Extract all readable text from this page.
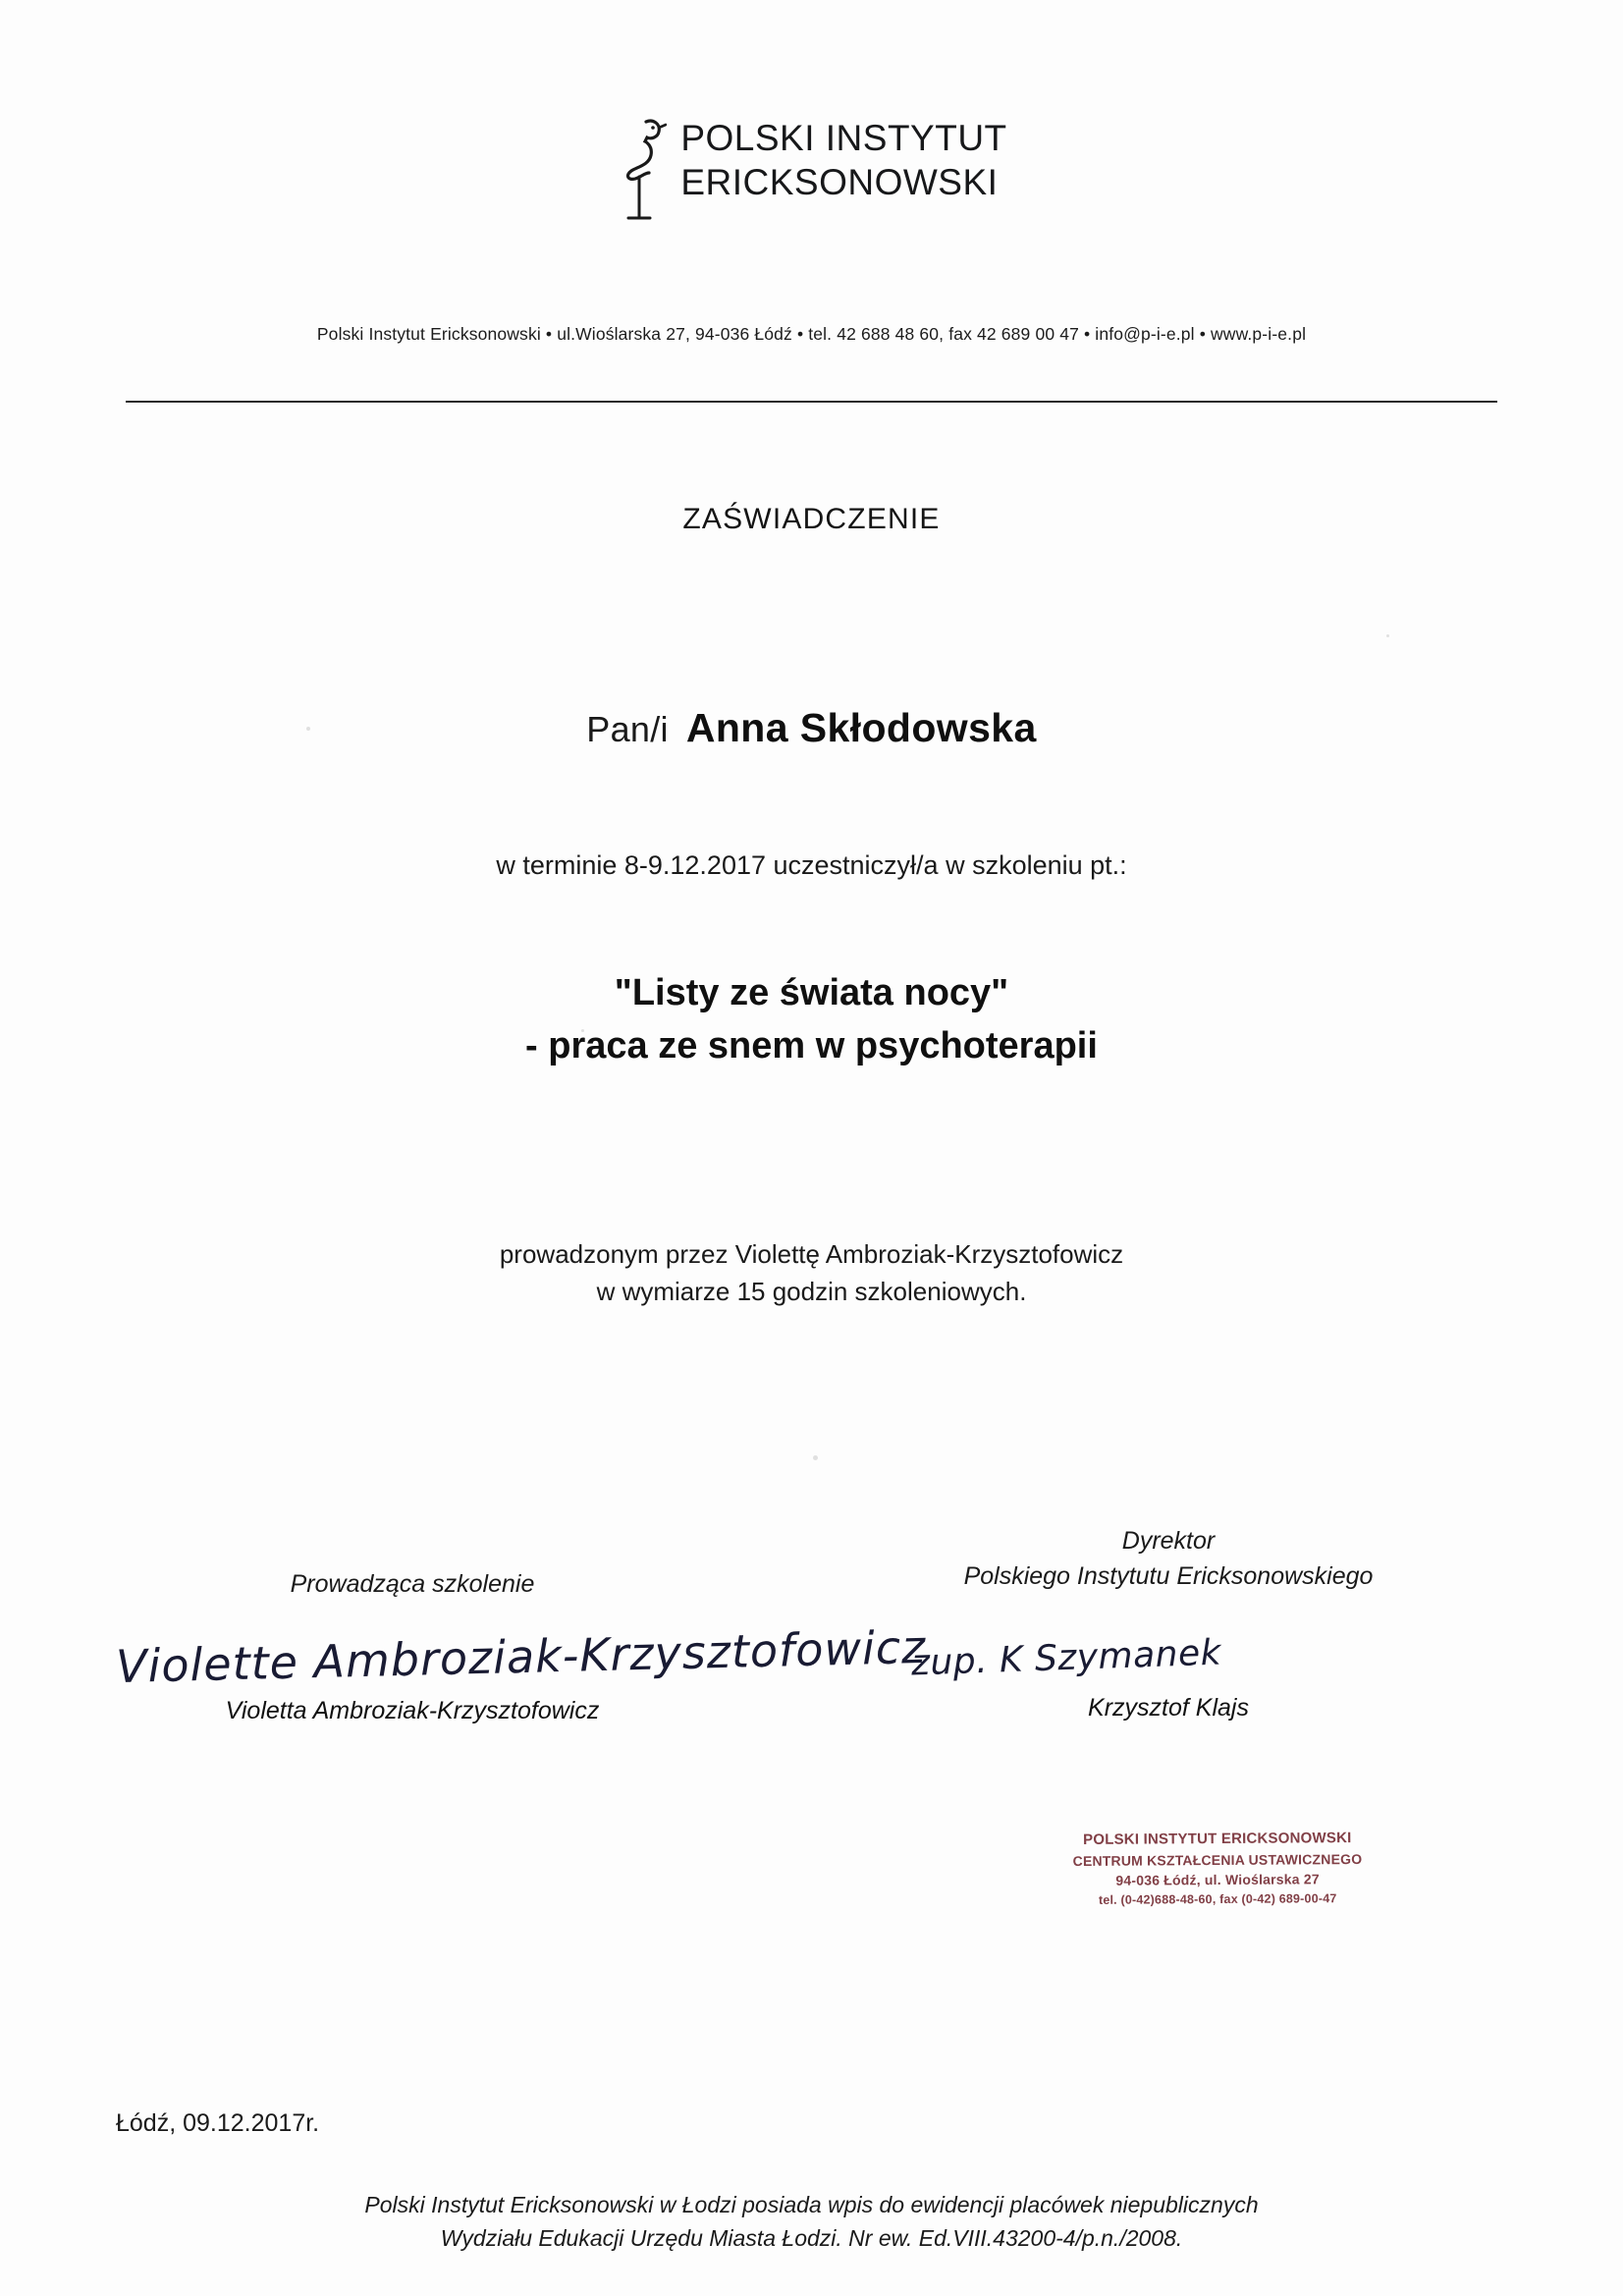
POLSKI INSTYTUT
ERICKSONOWSKI
Polski Instytut Ericksonowski • ul.Wioślarska 27, 94-036 Łódź • tel. 42 688 48 60, fax 42 689 00 47 • info@p-i-e.pl • www.p-i-e.pl
ZAŚWIADCZENIE
Pan/i Anna Skłodowska
w terminie 8-9.12.2017 uczestniczył/a w szkoleniu pt.:
"Listy ze świata nocy"
- praca ze snem w psychoterapii
prowadzonym przez Violettę Ambroziak-Krzysztofowicz
w wymiarze 15 godzin szkoleniowych.
Prowadząca szkolenie
Violetta Ambroziak-Krzysztofowicz
Violette Ambroziak-Krzysztofowicz
Dyrektor
Polskiego Instytutu Ericksonowskiego
Krzysztof Klajs
zup. K Szymanek
POLSKI INSTYTUT ERICKSONOWSKI
CENTRUM KSZTAŁCENIA USTAWICZNEGO
94-036 Łódź, ul. Wioślarska 27
tel. (0-42)688-48-60, fax (0-42) 689-00-47
Łódź, 09.12.2017r.
Polski Instytut Ericksonowski w Łodzi posiada wpis do ewidencji placówek niepublicznych
Wydziału Edukacji Urzędu Miasta Łodzi. Nr ew. Ed.VIII.43200-4/p.n./2008.
